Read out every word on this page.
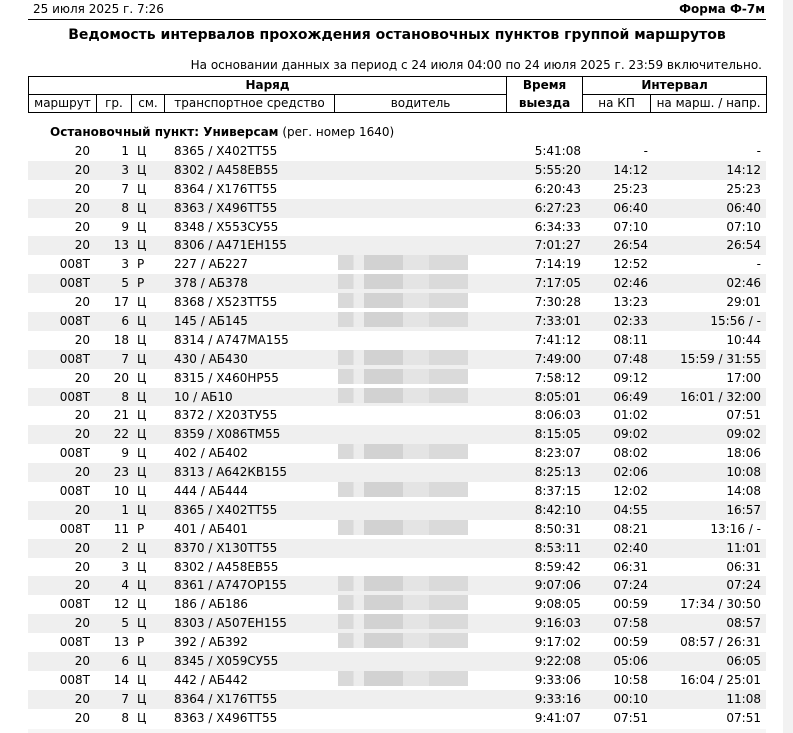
25 июля 2025 г. 7:26	Форма Ф-7м
Ведомость интервалов прохождения остановочных пунктов группой маршрутов
На основании данных за период с 24 июля 04:00 по 24 июля 2025 г. 23:59 включительно.
Наряд					Время	Интервал	
маршрут	гр.	см.	транспортное средство	водитель	выезда	на КП	на марш. / напр.
Остановочный пункт: Универсам (рег. номер 1640)
20	1 Ц	8365 / Х402ТТ55	5:41:08	-	-
20	3 Ц	8302 / А458ЕВ55	5:55:20	14:12	14:12
20	7 Ц	8364 / Х176ТТ55	6:20:43	25:23	25:23
20	8 Ц	8363 / Х496ТТ55	6:27:23	06:40	06:40
20	9 Ц	8348 / Х553СУ55	6:34:33	07:10	07:10
20	13 Ц	8306 / А471ЕН155	7:01:27	26:54	26:54
008Т	3 Р	227 / АБ227	7:14:19	12:52	-
008Т	5 Р	378 / АБ378	7:17:05	02:46	02:46
20	17 Ц	8368 / Х523ТТ55	7:30:28	13:23	29:01
008Т	6 Ц	145 / АБ145	7:33:01	02:33	15:56 / -
20	18 Ц	8314 / А747МА155	7:41:12	08:11	10:44
008Т	7 Ц	430 / АБ430	7:49:00	07:48	15:59 / 31:55
20	20 Ц	8315 / Х460НР55	7:58:12	09:12	17:00
008Т	8 Ц	10 / АБ10	8:05:01	06:49	16:01 / 32:00
20	21 Ц	8372 / Х203ТУ55	8:06:03	01:02	07:51
20	22 Ц	8359 / Х086ТМ55	8:15:05	09:02	09:02
008Т	9 Ц	402 / АБ402	8:23:07	08:02	18:06
20	23 Ц	8313 / А642КВ155	8:25:13	02:06	10:08
008Т	10 Ц	444 / АБ444	8:37:15	12:02	14:08
20	1 Ц	8365 / Х402ТТ55	8:42:10	04:55	16:57
008Т	11 Р	401 / АБ401	8:50:31	08:21	13:16 / -
20	2 Ц	8370 / Х130ТТ55	8:53:11	02:40	11:01
20	3 Ц	8302 / А458ЕВ55	8:59:42	06:31	06:31
20	4 Ц	8361 / А747ОР155	9:07:06	07:24	07:24
008Т	12 Ц	186 / АБ186	9:08:05	00:59	17:34 / 30:50
20	5 Ц	8303 / А507ЕН155	9:16:03	07:58	08:57
008Т	13 Р	392 / АБ392	9:17:02	00:59	08:57 / 26:31
20	6 Ц	8345 / Х059СУ55	9:22:08	05:06	06:05
008Т	14 Ц	442 / АБ442	9:33:06	10:58	16:04 / 25:01
20	7 Ц	8364 / Х176ТТ55	9:33:16	00:10	11:08
20	8 Ц	8363 / Х496ТТ55	9:41:07	07:51	07:51
